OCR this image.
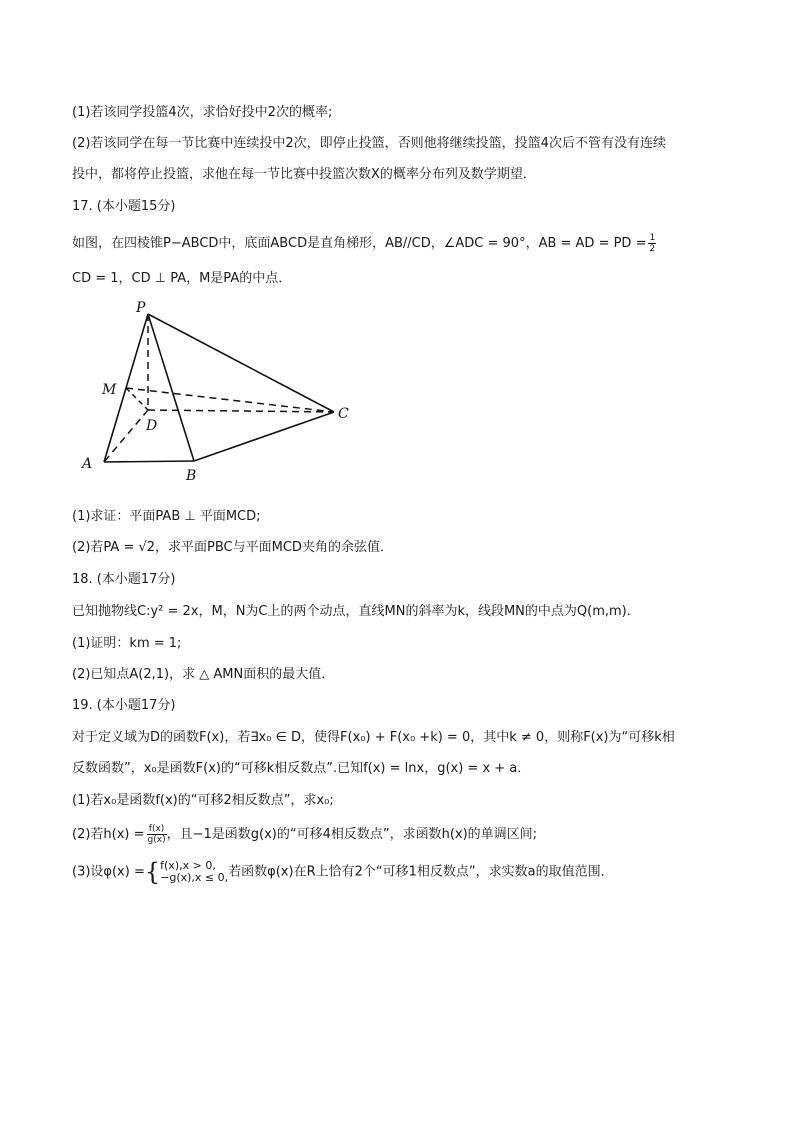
(1)若该同学投篮4次，求恰好投中2次的概率;
(2)若该同学在每一节比赛中连续投中2次，即停止投篮，否则他将继续投篮，投篮4次后不管有没有连续
投中，都将停止投篮，求他在每一节比赛中投篮次数X的概率分布列及数学期望．
17. (本小题15分)
如图，在四棱锥P−ABCD中，底面ABCD是直角梯形，AB//CD，∠ADC = 90°，AB = AD = PD = $\frac{1}{2}$
CD = 1，CD ⊥ PA，M是PA的中点．
P
M
D
A
B
C
(1)求证：平面PAB ⊥ 平面MCD;
(2)若PA = √2，求平面PBC与平面MCD夹角的余弦值．
18. (本小题17分)
已知抛物线C:y² = 2x，M，N为C上的两个动点，直线MN的斜率为k，线段MN的中点为Q(m,m)．
(1)证明：km = 1;
(2)已知点A(2,1)，求 △ AMN面积的最大值．
19. (本小题17分)
对于定义域为D的函数F(x)，若∃x₀ ∈ D，使得F(x₀) + F(x₀ +k) = 0，其中k ≠ 0，则称F(x)为“可移k相
反数函数”，x₀是函数F(x)的“可移k相反数点”.已知f(x) = lnx，g(x) = x + a．
(1)若x₀是函数f(x)的“可移2相反数点”，求x₀;
(2)若$h(x) = \frac{f(x)}{g(x)}$ ，且−1是函数g(x)的“可移4相反数点”，求函数h(x)的单调区间;
(3)设φ(x) ={ f(x),x > 0,
−g(x),x ≤ 0, 若函数φ(x)在R上恰有2个“可移1相反数点”，求实数a的取值范围．
